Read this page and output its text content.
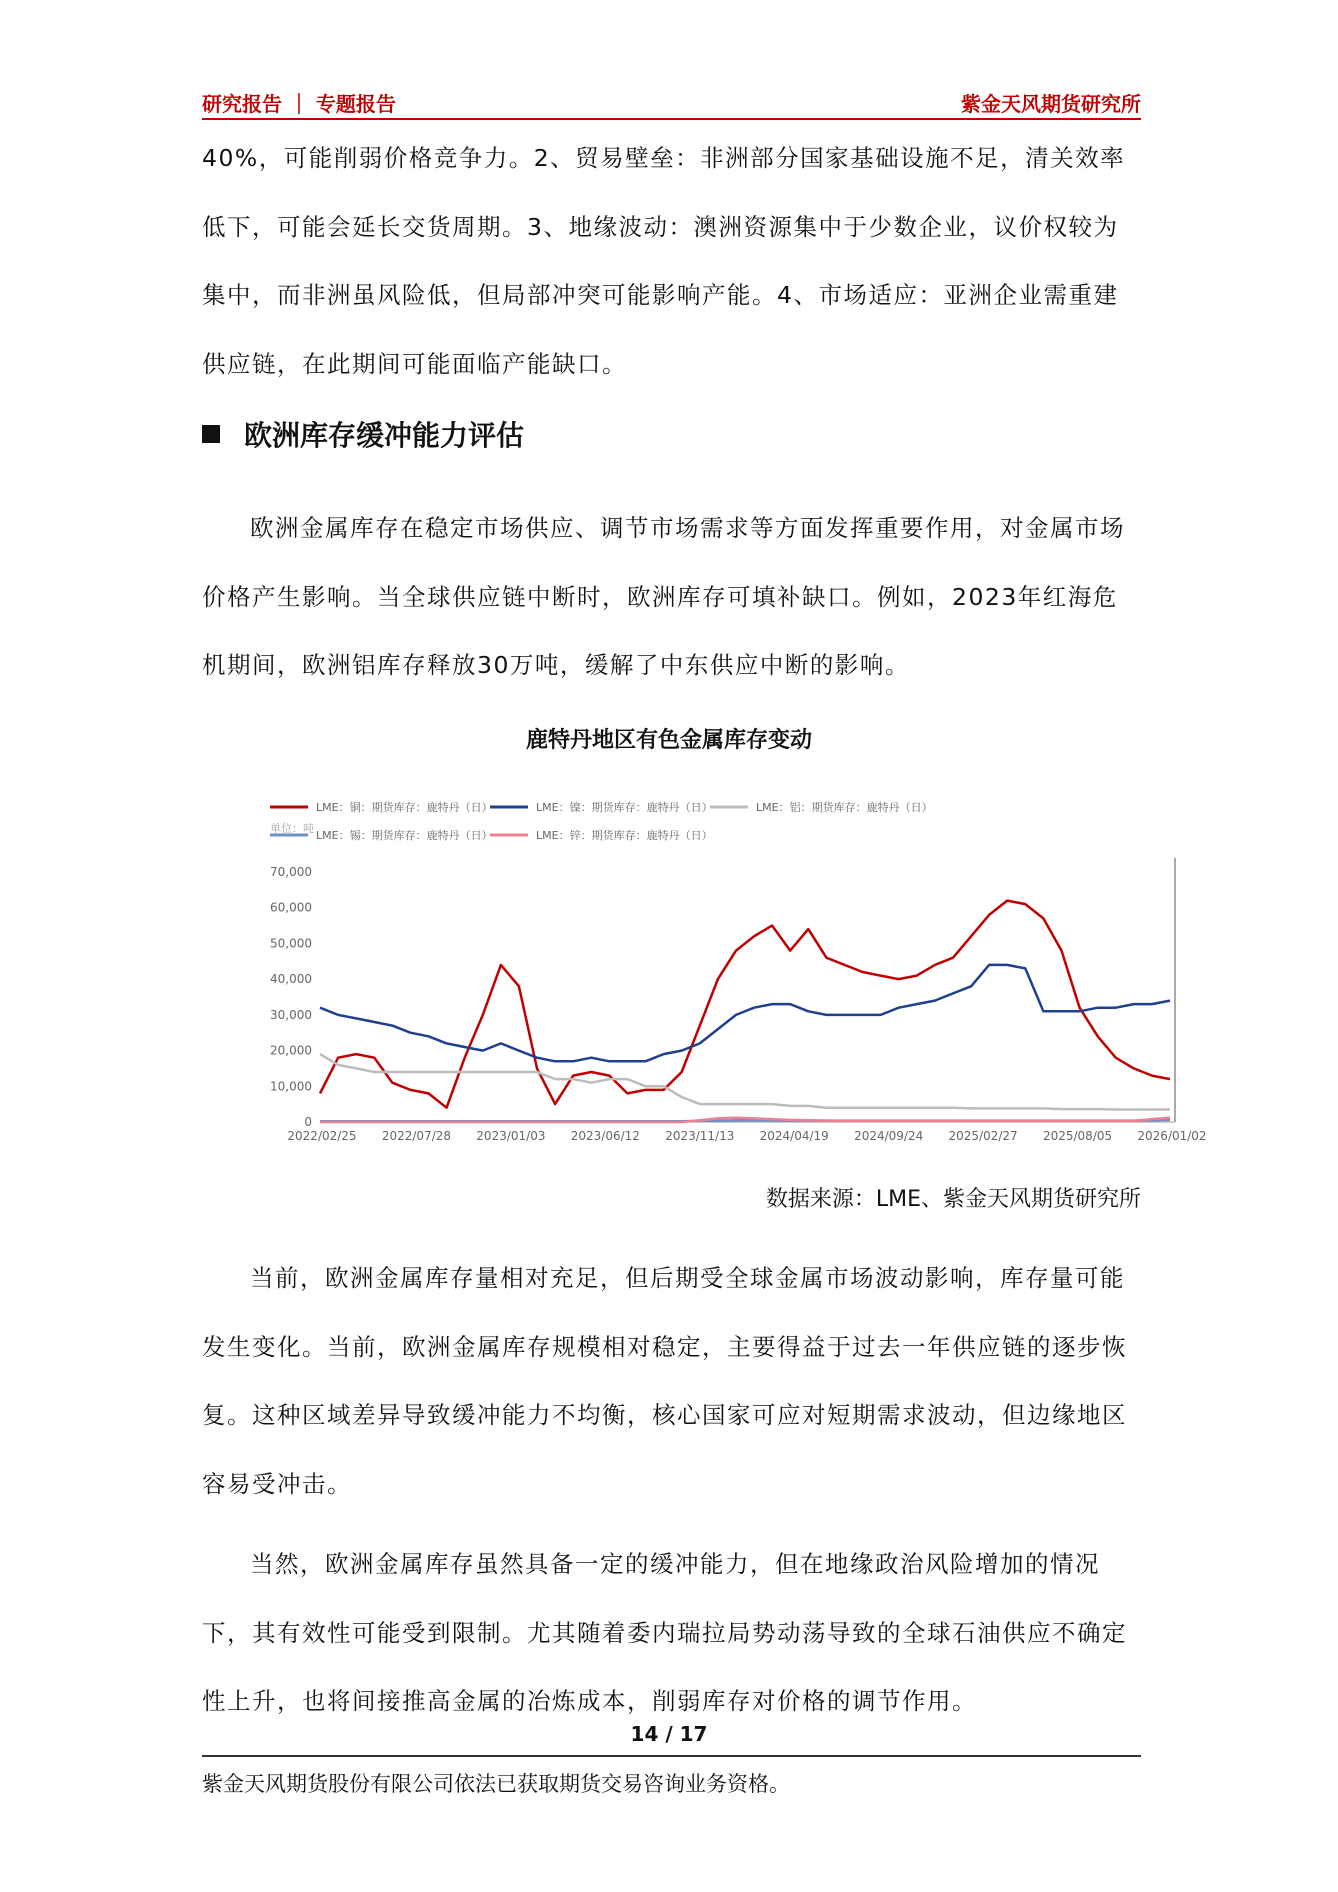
研究报告 ｜ 专题报告	紫金天风期货研究所

40%，可能削弱价格竞争力。2、贸易壁垒：非洲部分国家基础设施不足，清关效率低下，可能会延长交货周期。3、地缘波动：澳洲资源集中于少数企业，议价权较为集中，而非洲虽风险低，但局部冲突可能影响产能。4、市场适应：亚洲企业需重建供应链，在此期间可能面临产能缺口。

欧洲库存缓冲能力评估

欧洲金属库存在稳定市场供应、调节市场需求等方面发挥重要作用，对金属市场价格产生影响。当全球供应链中断时，欧洲库存可填补缺口。例如，2023年红海危机期间，欧洲铝库存释放30万吨，缓解了中东供应中断的影响。

鹿特丹地区有色金属库存变动
LME：铜：期货库存：鹿特丹（日）	LME：镍：期货库存：鹿特丹（日）	LME：铝：期货库存：鹿特丹（日）
LME：锡：期货库存：鹿特丹（日）	LME：锌：期货库存：鹿特丹（日）
单位：吨
0
10,000
20,000
30,000
40,000
50,000
60,000
70,000
2022/02/25 2022/07/28 2023/01/03 2023/06/12 2023/11/13 2024/04/19 2024/09/24 2025/02/27 2025/08/05 2026/01/02
数据来源：LME、紫金天风期货研究所

当前，欧洲金属库存量相对充足，但后期受全球金属市场波动影响，库存量可能发生变化。当前，欧洲金属库存规模相对稳定，主要得益于过去一年供应链的逐步恢复。这种区域差异导致缓冲能力不均衡，核心国家可应对短期需求波动，但边缘地区容易受冲击。

当然，欧洲金属库存虽然具备一定的缓冲能力，但在地缘政治风险增加的情况下，其有效性可能受到限制。尤其随着委内瑞拉局势动荡导致的全球石油供应不确定性上升，也将间接推高金属的冶炼成本，削弱库存对价格的调节作用。

14 / 17
紫金天风期货股份有限公司依法已获取期货交易咨询业务资格。
